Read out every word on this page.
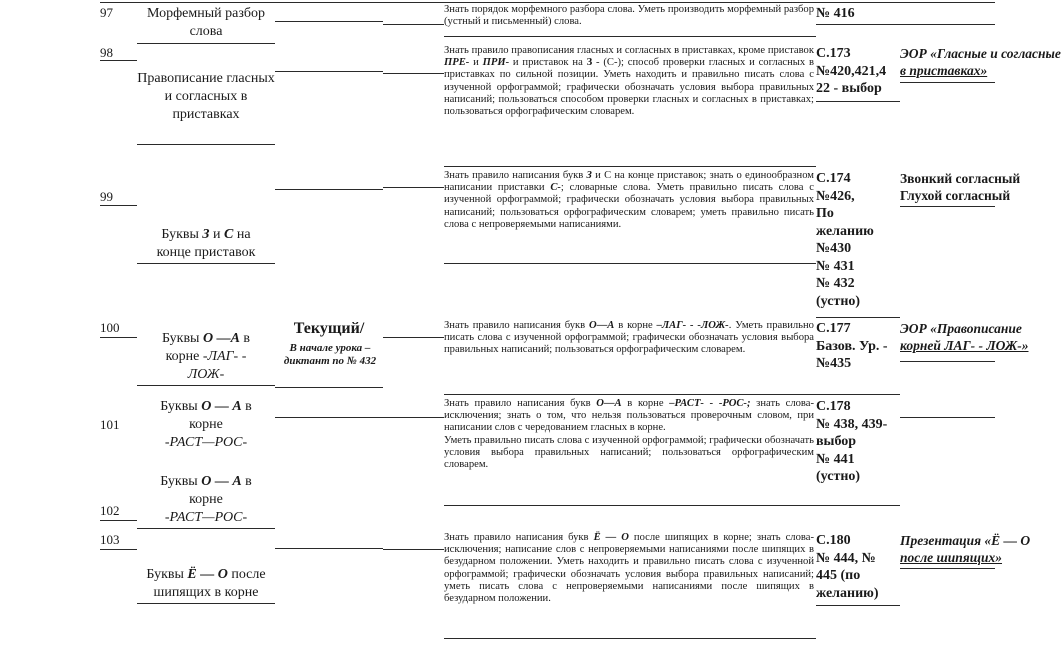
97	Морфемный разбор слова
Знать порядок морфемного разбора слова. Уметь производить морфемный разбор (устный и письменный) слова.
№ 416
98
Правописание гласных и согласных в приставках
Знать правило правописания гласных и согласных в приставках, кроме приставок ПРЕ- и ПРИ- и приставок на З - (С-); способ проверки гласных и согласных в приставках по сильной позиции. Уметь находить и правильно писать слова с изученной орфограммой; графически обозначать условия выбора правильных написаний; пользоваться способом проверки гласных и согласных в приставках; пользоваться орфографическим словарем.
С.173
№420,421,4
22 - выбор
ЭОР «Гласные и согласные
в приставках»
99
Буквы З и С на
конце приставок
Знать правило написания букв З и С на конце приставок; знать о единообразном написании приставки С-; словарные слова. Уметь правильно писать слова с изученной орфограммой; графически обозначать условия выбора правильных написаний; пользоваться орфографическим словарем; уметь правильно писать слова с непроверяемыми написаниями.
С.174
№426,
По
желанию
№430
№ 431
№ 432
(устно)
Звонкий согласный
Глухой согласный
100
Буквы О —А в
корне -ЛАГ- -
ЛОЖ-
Текущий/
В начале урока – диктант по № 432
Знать правило написания букв О—А в корне –ЛАГ- - -ЛОЖ-. Уметь правильно писать слова с изученной орфограммой; графически обозначать условия выбора правильных написаний; пользоваться орфографическим словарем.
С.177
Базов. Ур. -
№435
ЭОР «Правописание
корней ЛАГ- - ЛОЖ-»
101
Буквы О — А в
корне
-РАСТ—РОС-
Знать правило написания букв О—А в корне –РАСТ- - -РОС-; знать слова-исключения; знать о том, что нельзя пользоваться проверочным словом, при написании слов с чередованием гласных в корне.
Уметь правильно писать слова с изученной орфограммой; графически обозначать условия выбора правильных написаний; пользоваться орфографическим словарем.
С.178
№ 438, 439-
выбор
№ 441
(устно)
102
Буквы О — А в
корне
-РАСТ—РОС-
103
Буквы Ё — О после
шипящих в корне
Знать правило написания букв Ё — О после шипящих в корне; знать слова-исключения; написание слов с непроверяемыми написаниями после шипящих в безударном положении. Уметь находить и правильно писать слова с изученной орфограммой; графически обозначать условия выбора правильных написаний; уметь писать слова с непроверяемыми написаниями после шипящих в безударном положении.
С.180
№ 444, №
445 (по
желанию)
Презентация «Ё — О
после шипящих»
